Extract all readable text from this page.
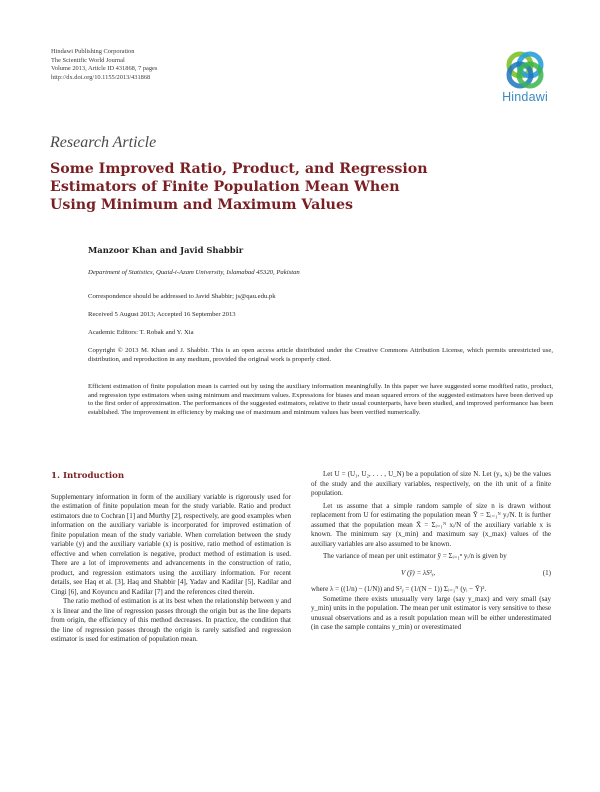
Hindawi Publishing Corporation
The Scientific World Journal
Volume 2013, Article ID 431868, 7 pages
http://dx.doi.org/10.1155/2013/431868
Hindawi
Research Article
Some Improved Ratio, Product, and Regression Estimators of Finite Population Mean When Using Minimum and Maximum Values
Manzoor Khan and Javid Shabbir
Department of Statistics, Quaid-i-Azam University, Islamabad 45320, Pakistan
Correspondence should be addressed to Javid Shabbir; js@qau.edu.pk
Received 5 August 2013; Accepted 16 September 2013
Academic Editors: T. Robak and Y. Xia
Copyright © 2013 M. Khan and J. Shabbir. This is an open access article distributed under the Creative Commons Attribution License, which permits unrestricted use, distribution, and reproduction in any medium, provided the original work is properly cited.
Efficient estimation of finite population mean is carried out by using the auxiliary information meaningfully. In this paper we have suggested some modified ratio, product, and regression type estimators when using minimum and maximum values. Expressions for biases and mean squared errors of the suggested estimators have been derived up to the first order of approximation. The performances of the suggested estimators, relative to their usual counterparts, have been studied, and improved performance has been established. The improvement in efficiency by making use of maximum and minimum values has been verified numerically.
1. Introduction

Supplementary information in form of the auxiliary variable is rigorously used for the estimation of finite population mean for the study variable. Ratio and product estimators due to Cochran [1] and Murthy [2], respectively, are good examples when information on the auxiliary variable is incorporated for improved estimation of finite population mean of the study variable. When correlation between the study variable (y) and the auxiliary variable (x) is positive, ratio method of estimation is effective and when correlation is negative, product method of estimation is used. There are a lot of improvements and advancements in the construction of ratio, product, and regression estimators using the auxiliary information. For recent details, see Haq et al. [3], Haq and Shabbir [4], Yadav and Kadilar [5], Kadilar and Cingi [6], and Koyuncu and Kadilar [7] and the references cited therein.

The ratio method of estimation is at its best when the relationship between y and x is linear and the line of regression passes through the origin but as the line departs from origin, the efficiency of this method decreases. In practice, the condition that the line of regression passes through the origin is rarely satisfied and regression estimator is used for estimation of population mean.

Let U = (U₁, U₂, . . . , U_N) be a population of size N. Let (yᵢ, xᵢ) be the values of the study and the auxiliary variables, respectively, on the ith unit of a finite population.

Let us assume that a simple random sample of size n is drawn without replacement from U for estimating the population mean Ȳ = Σᵢ₌₁ᴺ yᵢ/N. It is further assumed that the population mean X̄ = Σᵢ₌₁ᴺ xᵢ/N of the auxiliary variable x is known. The minimum say (x_min) and maximum say (x_max) values of the auxiliary variables are also assumed to be known.

The variance of mean per unit estimator ȳ = Σᵢ₌₁ⁿ yᵢ/n is given by

V (ȳ) = λS²ᵧ,	(1)

where λ = ((1/n) − (1/N)) and S²ᵧ = (1/(N − 1)) Σᵢ₌₁ᴺ (yᵢ − Ȳ)².

Sometime there exists unusually very large (say y_max) and very small (say y_min) units in the population. The mean per unit estimator is very sensitive to these unusual observations and as a result population mean will be either underestimated (in case the sample contains y_min) or overestimated
